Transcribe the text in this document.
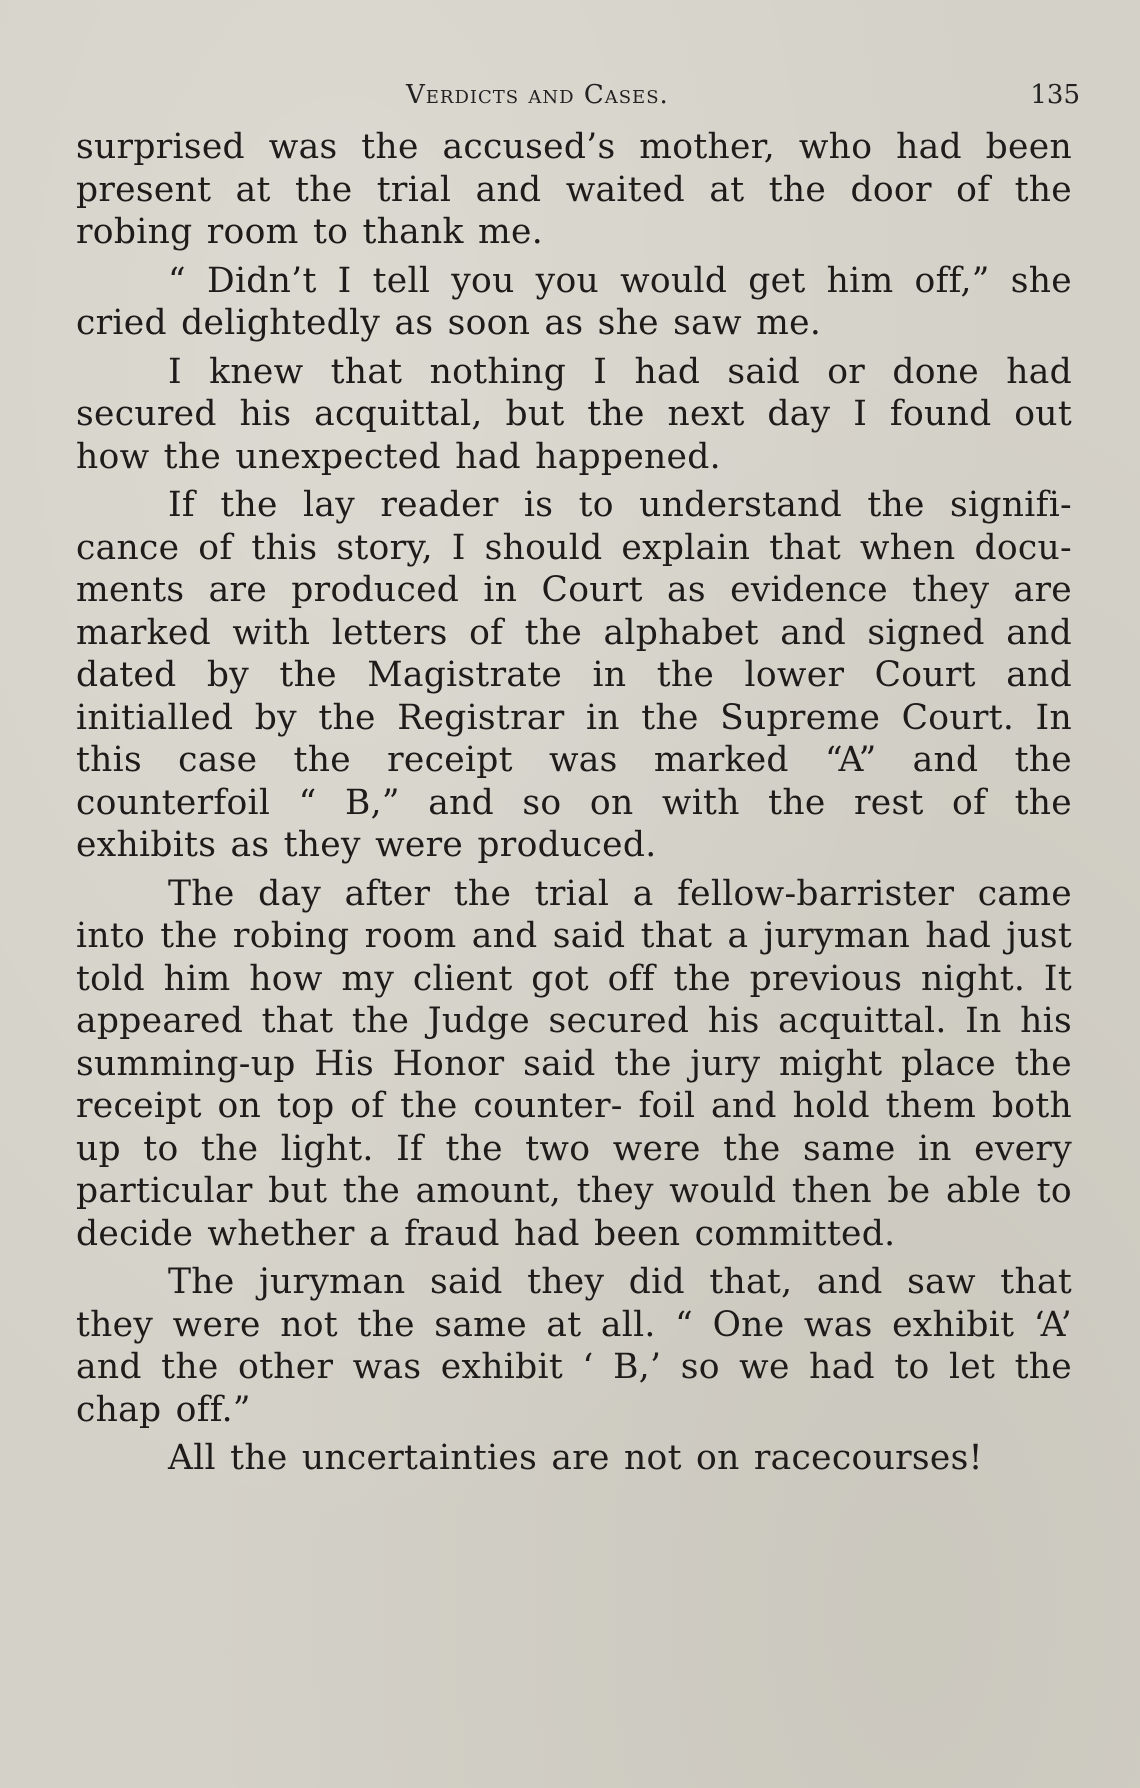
Verdicts and Cases.	135

surprised was the accused’s mother, who had been present at the trial and waited at the door of the robing room to thank me.

“ Didn’t I tell you you would get him off,” she cried delightedly as soon as she saw me.

I knew that nothing I had said or done had secured his acquittal, but the next day I found out how the unexpected had happened.

If the lay reader is to understand the signifi- cance of this story, I should explain that when docu- ments are produced in Court as evidence they are marked with letters of the alphabet and signed and dated by the Magistrate in the lower Court and initialled by the Registrar in the Supreme Court. In this case the receipt was marked “A” and the counterfoil “ B,” and so on with the rest of the exhibits as they were produced.

The day after the trial a fellow-barrister came into the robing room and said that a juryman had just told him how my client got off the previous night. It appeared that the Judge secured his acquittal. In his summing-up His Honor said the jury might place the receipt on top of the counter- foil and hold them both up to the light. If the two were the same in every particular but the amount, they would then be able to decide whether a fraud had been committed.

The juryman said they did that, and saw that they were not the same at all. “ One was exhibit ‘A’ and the other was exhibit ‘ B,’ so we had to let the chap off.”

All the uncertainties are not on racecourses!
